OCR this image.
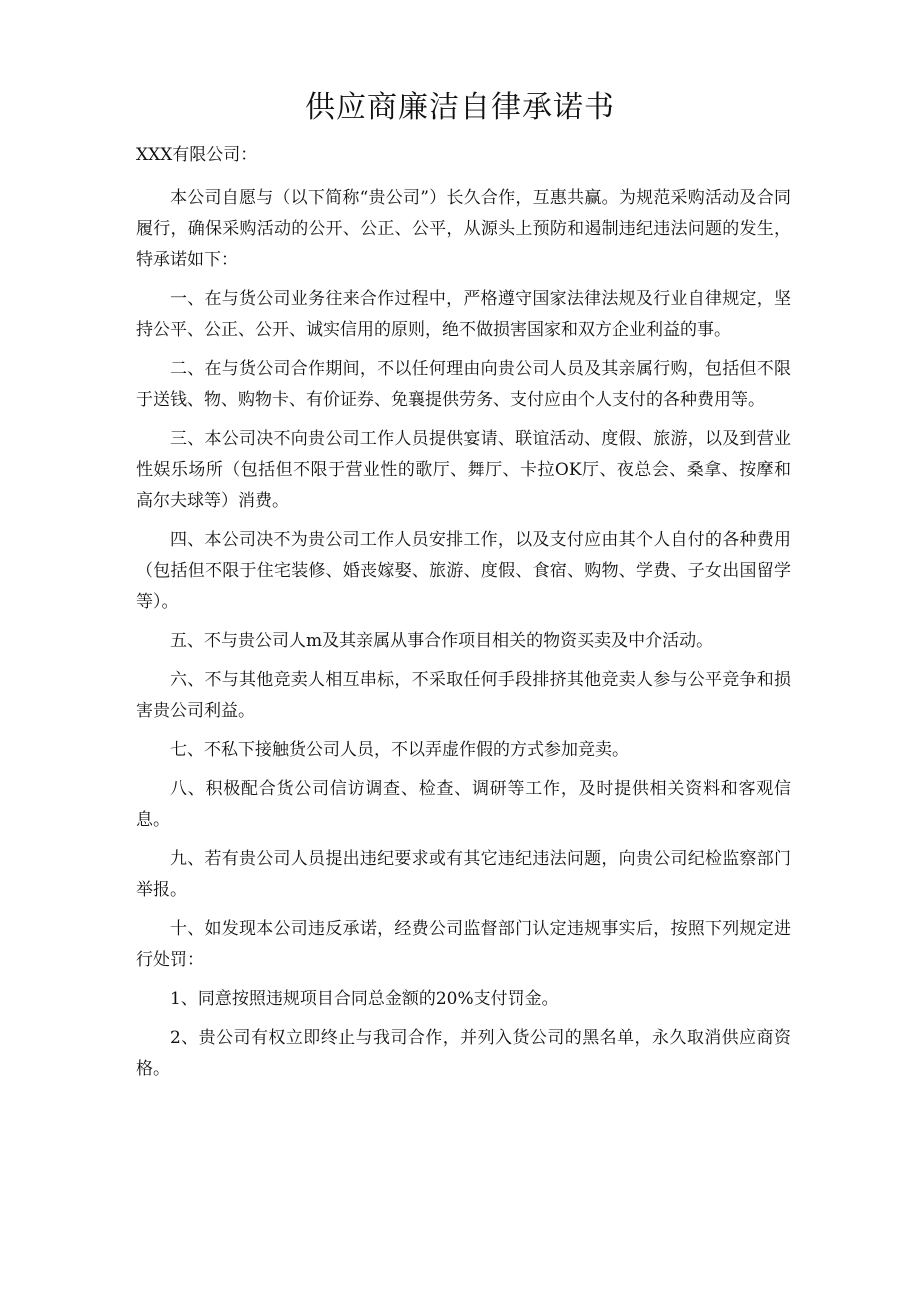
供应商廉洁自律承诺书

XXX有限公司：

本公司自愿与（以下简称“贵公司”）长久合作，互惠共赢。为规范采购活动及合同履行，确保采购活动的公开、公正、公平，从源头上预防和遏制违纪违法问题的发生，特承诺如下：

一、在与货公司业务往来合作过程中，严格遵守国家法律法规及行业自律规定，坚持公平、公正、公开、诚实信用的原则，绝不做损害国家和双方企业利益的事。

二、在与货公司合作期间，不以任何理由向贵公司人员及其亲属行购，包括但不限于送钱、物、购物卡、有价证券、免襄提供劳务、支付应由个人支付的各种费用等。

三、本公司决不向贵公司工作人员提供宴请、联谊活动、度假、旅游，以及到营业性娱乐场所（包括但不限于营业性的歌厅、舞厅、卡拉OK厅、夜总会、桑拿、按摩和高尔夫球等）消费。

四、本公司决不为贵公司工作人员安排工作，以及支付应由其个人自付的各种费用（包括但不限于住宅装修、婚丧嫁娶、旅游、度假、食宿、购物、学费、子女出国留学等）。

五、不与贵公司人m及其亲属从事合作项目相关的物资买卖及中介活动。

六、不与其他竞卖人相互串标，不采取任何手段排挤其他竞卖人参与公平竞争和损害贵公司利益。

七、不私下接触货公司人员，不以弄虚作假的方式参加竞卖。

八、积极配合货公司信访调查、检查、调研等工作，及时提供相关资料和客观信息。

九、若有贵公司人员提出违纪要求或有其它违纪违法问题，向贵公司纪检监察部门举报。

十、如发现本公司违反承诺，经费公司监督部门认定违规事实后，按照下列规定进行处罚：

1、同意按照违规项目合同总金额的20%支付罚金。

2、贵公司有权立即终止与我司合作，并列入货公司的黑名单，永久取消供应商资格。
